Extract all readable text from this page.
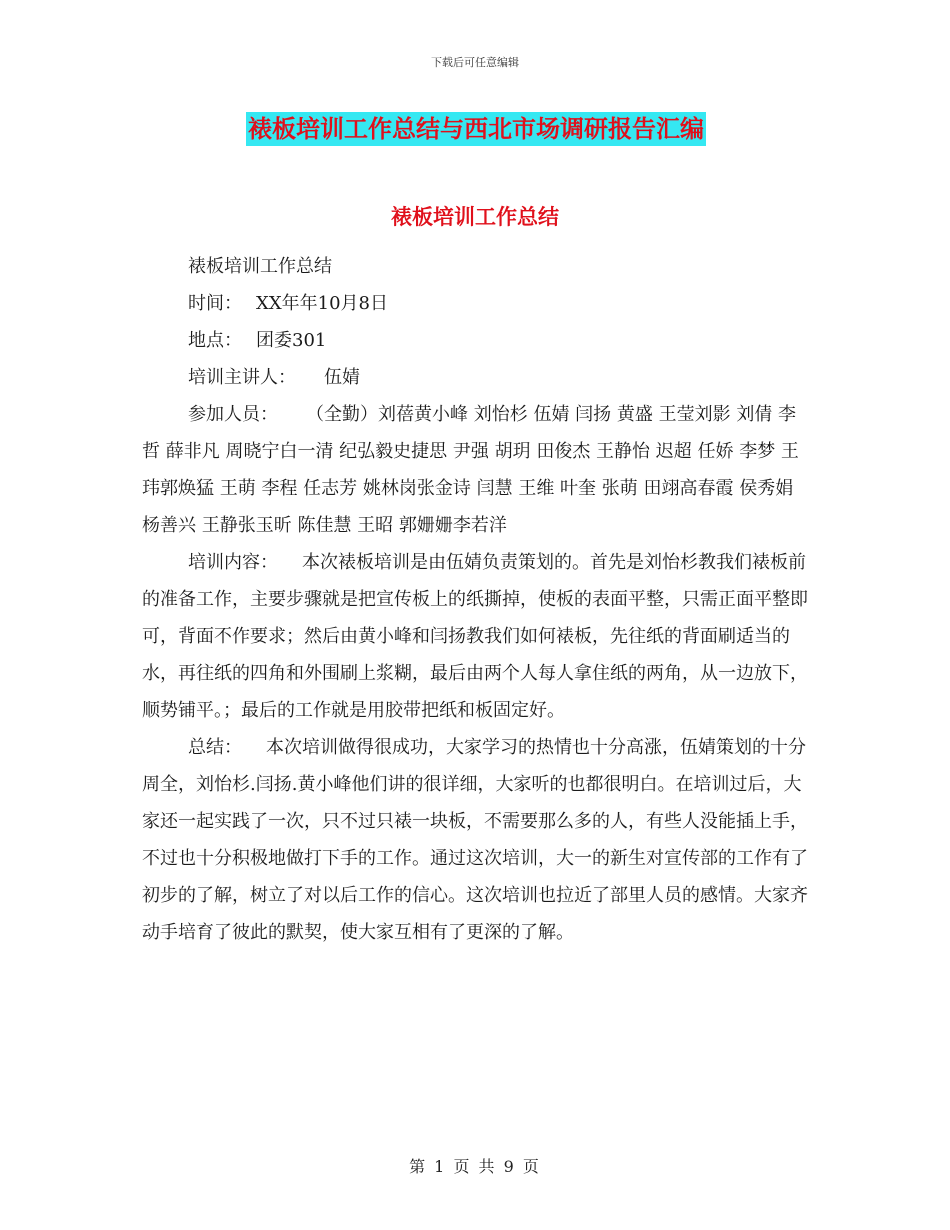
下载后可任意编辑
裱板培训工作总结与西北市场调研报告汇编
裱板培训工作总结

裱板培训工作总结

时间： XX年年10月8日

地点： 团委301

培训主讲人： 伍婧

参加人员： （全勤）刘蓓黄小峰 刘怡杉 伍婧 闫扬 黄盛 王莹刘影 刘倩 李哲 薛非凡 周晓宁白一清 纪弘毅史捷思 尹强 胡玥 田俊杰 王静怡 迟超 任娇 李梦 王玮郭焕猛 王萌 李程 任志芳 姚林岗张金诗 闫慧 王维 叶奎 张萌 田翊高春霞 侯秀娟 杨善兴 王静张玉昕 陈佳慧 王昭 郭姗姗李若洋

培训内容： 本次裱板培训是由伍婧负责策划的。首先是刘怡杉教我们裱板前的准备工作，主要步骤就是把宣传板上的纸撕掉，使板的表面平整，只需正面平整即可，背面不作要求；然后由黄小峰和闫扬教我们如何裱板，先往纸的背面刷适当的水，再往纸的四角和外围刷上浆糊，最后由两个人每人拿住纸的两角，从一边放下，顺势铺平。；最后的工作就是用胶带把纸和板固定好。

总结： 本次培训做得很成功，大家学习的热情也十分高涨，伍婧策划的十分周全，刘怡杉.闫扬.黄小峰他们讲的很详细，大家听的也都很明白。在培训过后，大家还一起实践了一次，只不过只裱一块板，不需要那么多的人，有些人没能插上手，不过也十分积极地做打下手的工作。通过这次培训，大一的新生对宣传部的工作有了初步的了解，树立了对以后工作的信心。这次培训也拉近了部里人员的感情。大家齐动手培育了彼此的默契，使大家互相有了更深的了解。

第 1 页 共 9 页
